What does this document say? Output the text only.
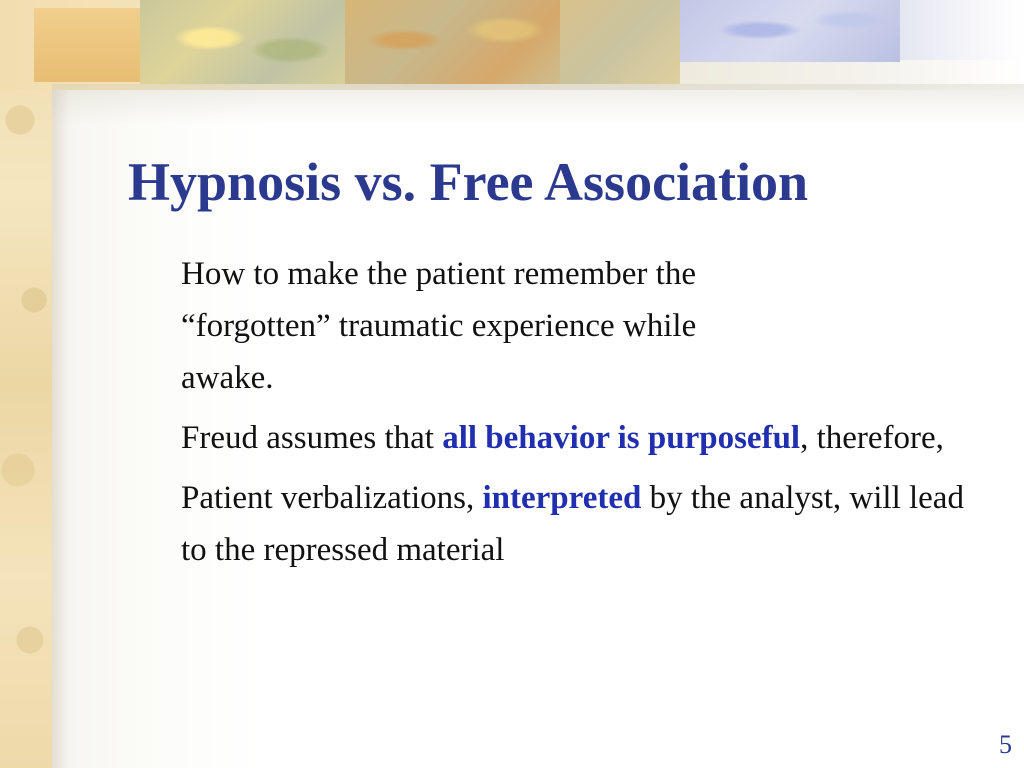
Hypnosis vs. Free Association

How to make the patient remember the
“forgotten” traumatic experience while
awake.

Freud assumes that all behavior is purposeful, therefore,

Patient verbalizations, interpreted by the analyst, will lead to the repressed material

5
